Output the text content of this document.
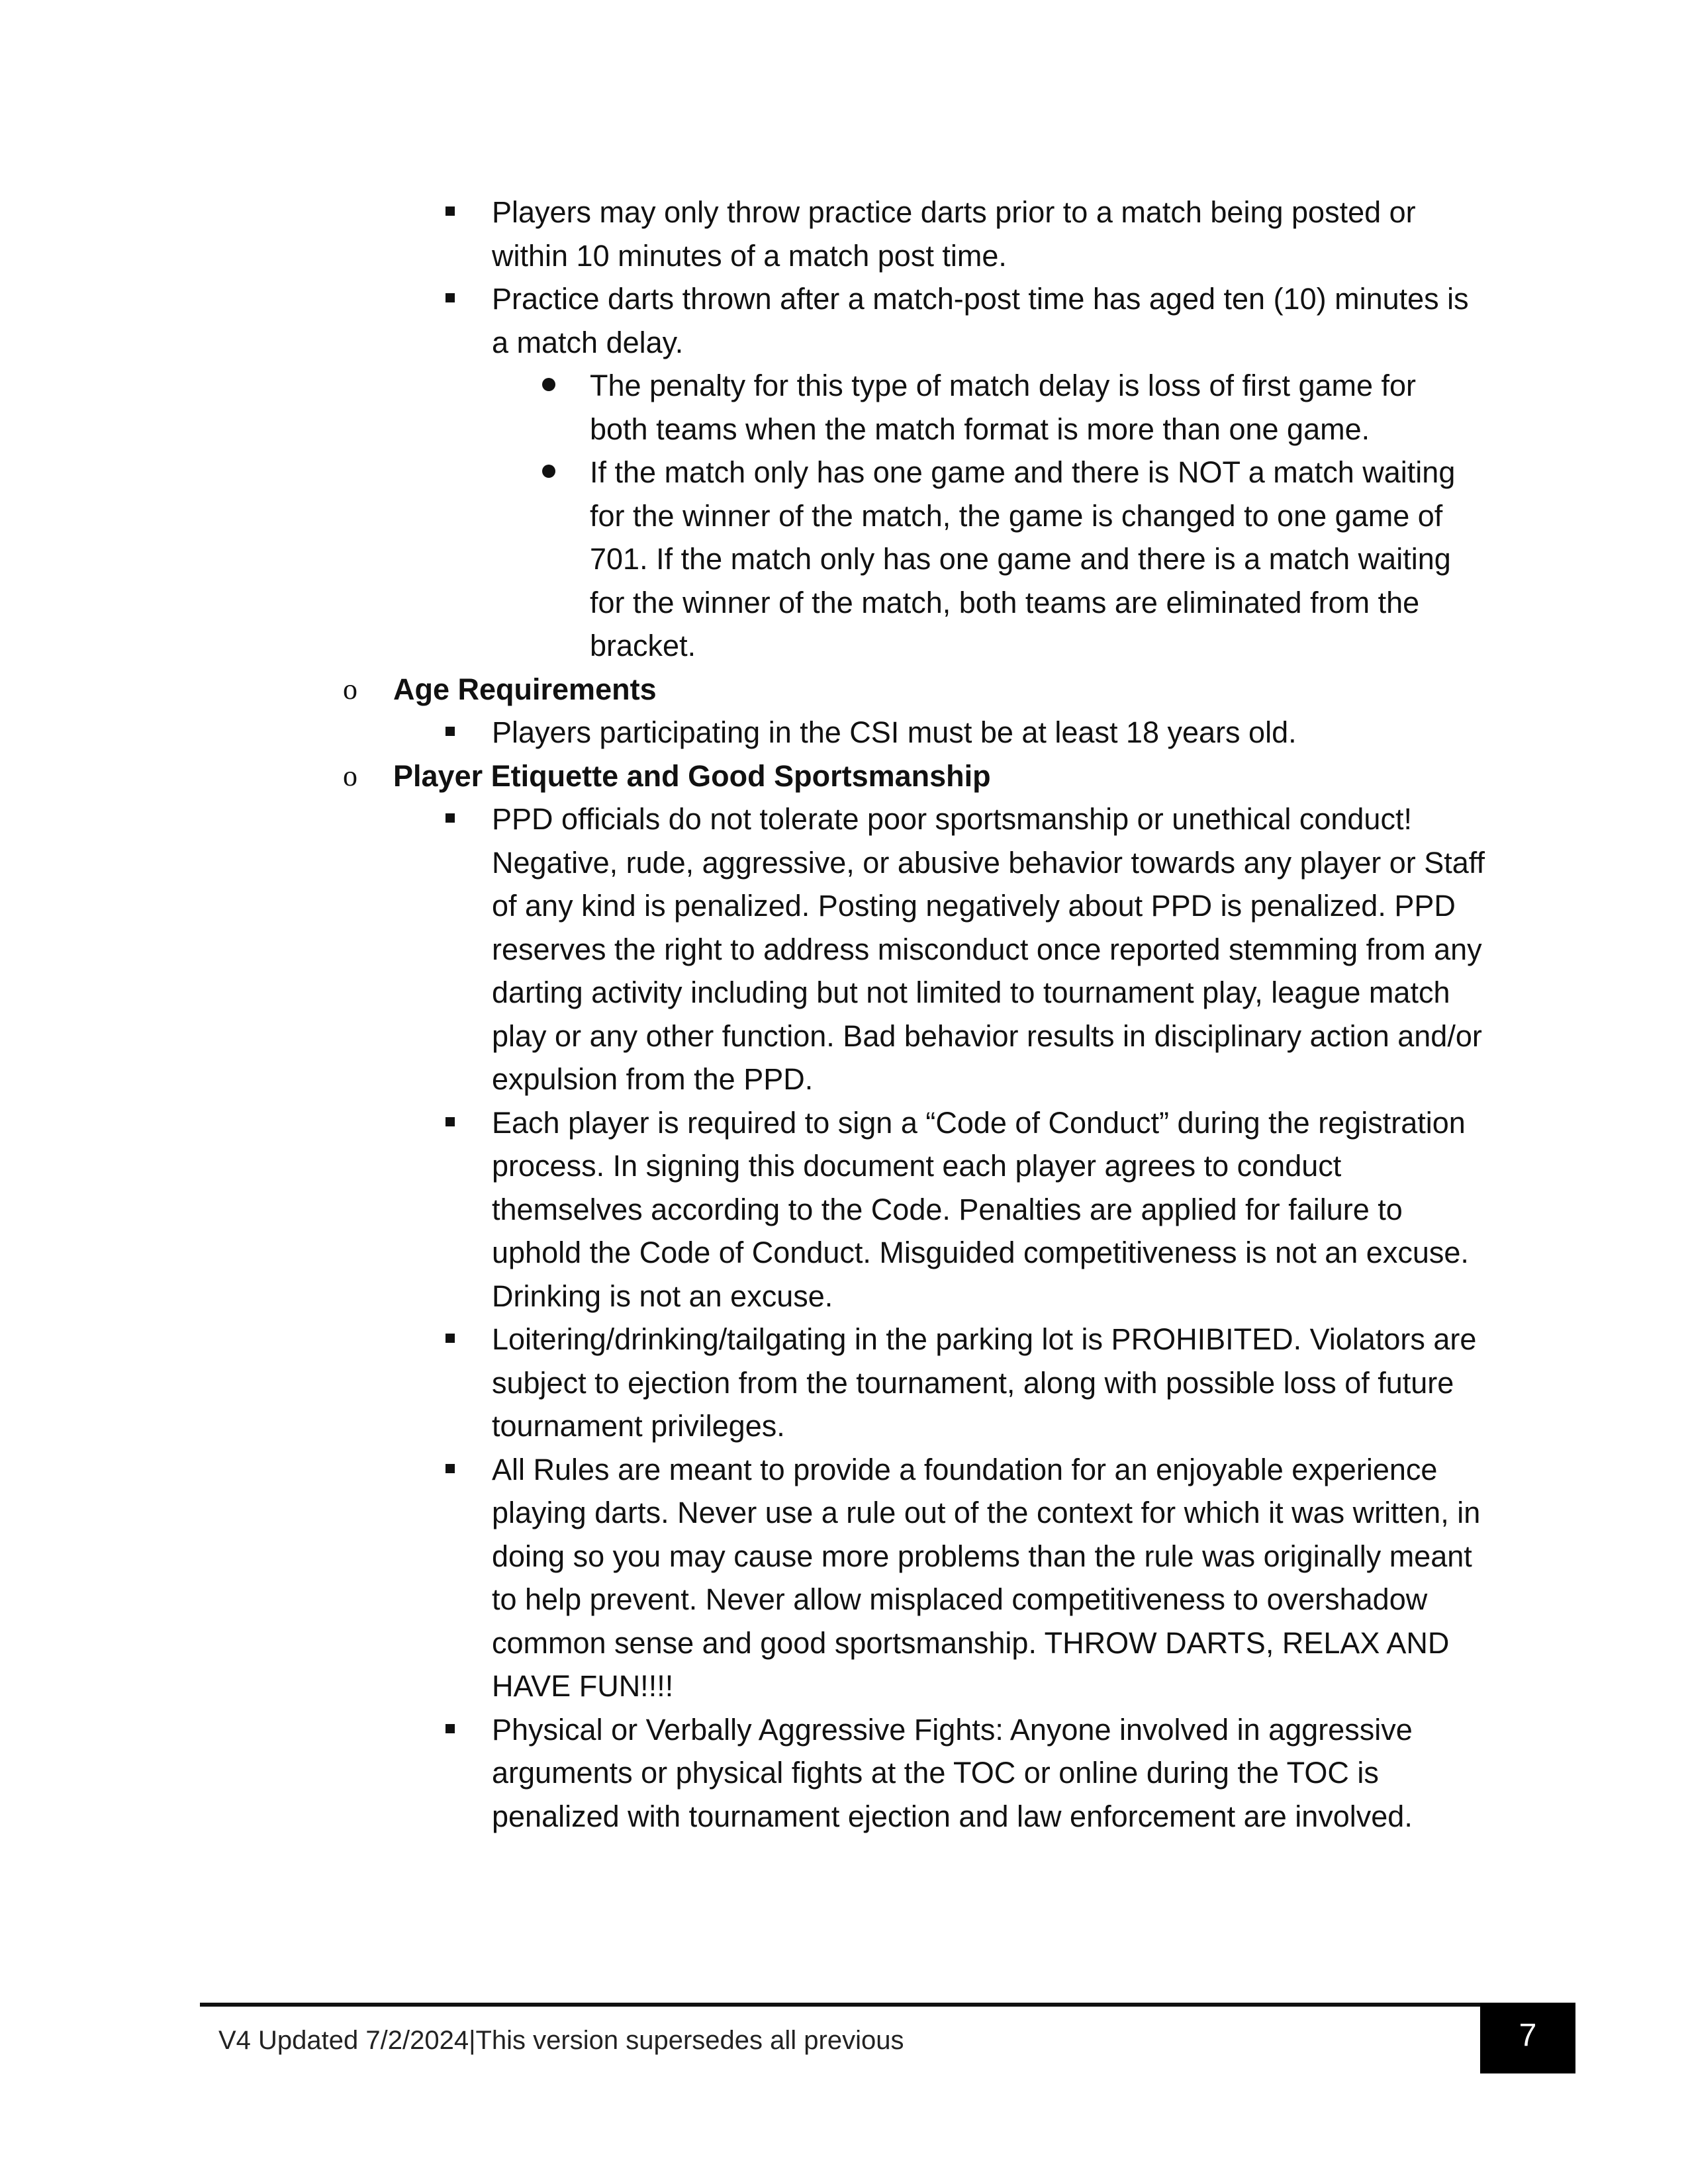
Players may only throw practice darts prior to a match being posted or within 10 minutes of a match post time.
Practice darts thrown after a match-post time has aged ten (10) minutes is a match delay.
The penalty for this type of match delay is loss of first game for both teams when the match format is more than one game.
If the match only has one game and there is NOT a match waiting for the winner of the match, the game is changed to one game of 701. If the match only has one game and there is a match waiting for the winner of the match, both teams are eliminated from the bracket.
o Age Requirements
Players participating in the CSI must be at least 18 years old.
o Player Etiquette and Good Sportsmanship
PPD officials do not tolerate poor sportsmanship or unethical conduct! Negative, rude, aggressive, or abusive behavior towards any player or Staff of any kind is penalized. Posting negatively about PPD is penalized. PPD reserves the right to address misconduct once reported stemming from any darting activity including but not limited to tournament play, league match play or any other function. Bad behavior results in disciplinary action and/or expulsion from the PPD.
Each player is required to sign a “Code of Conduct” during the registration process. In signing this document each player agrees to conduct themselves according to the Code. Penalties are applied for failure to uphold the Code of Conduct. Misguided competitiveness is not an excuse. Drinking is not an excuse.
Loitering/drinking/tailgating in the parking lot is PROHIBITED. Violators are subject to ejection from the tournament, along with possible loss of future tournament privileges.
All Rules are meant to provide a foundation for an enjoyable experience playing darts. Never use a rule out of the context for which it was written, in doing so you may cause more problems than the rule was originally meant to help prevent. Never allow misplaced competitiveness to overshadow common sense and good sportsmanship. THROW DARTS, RELAX AND HAVE FUN!!!!
Physical or Verbally Aggressive Fights: Anyone involved in aggressive arguments or physical fights at the TOC or online during the TOC is penalized with tournament ejection and law enforcement are involved.
V4 Updated 7/2/2024|This version supersedes all previous	7
